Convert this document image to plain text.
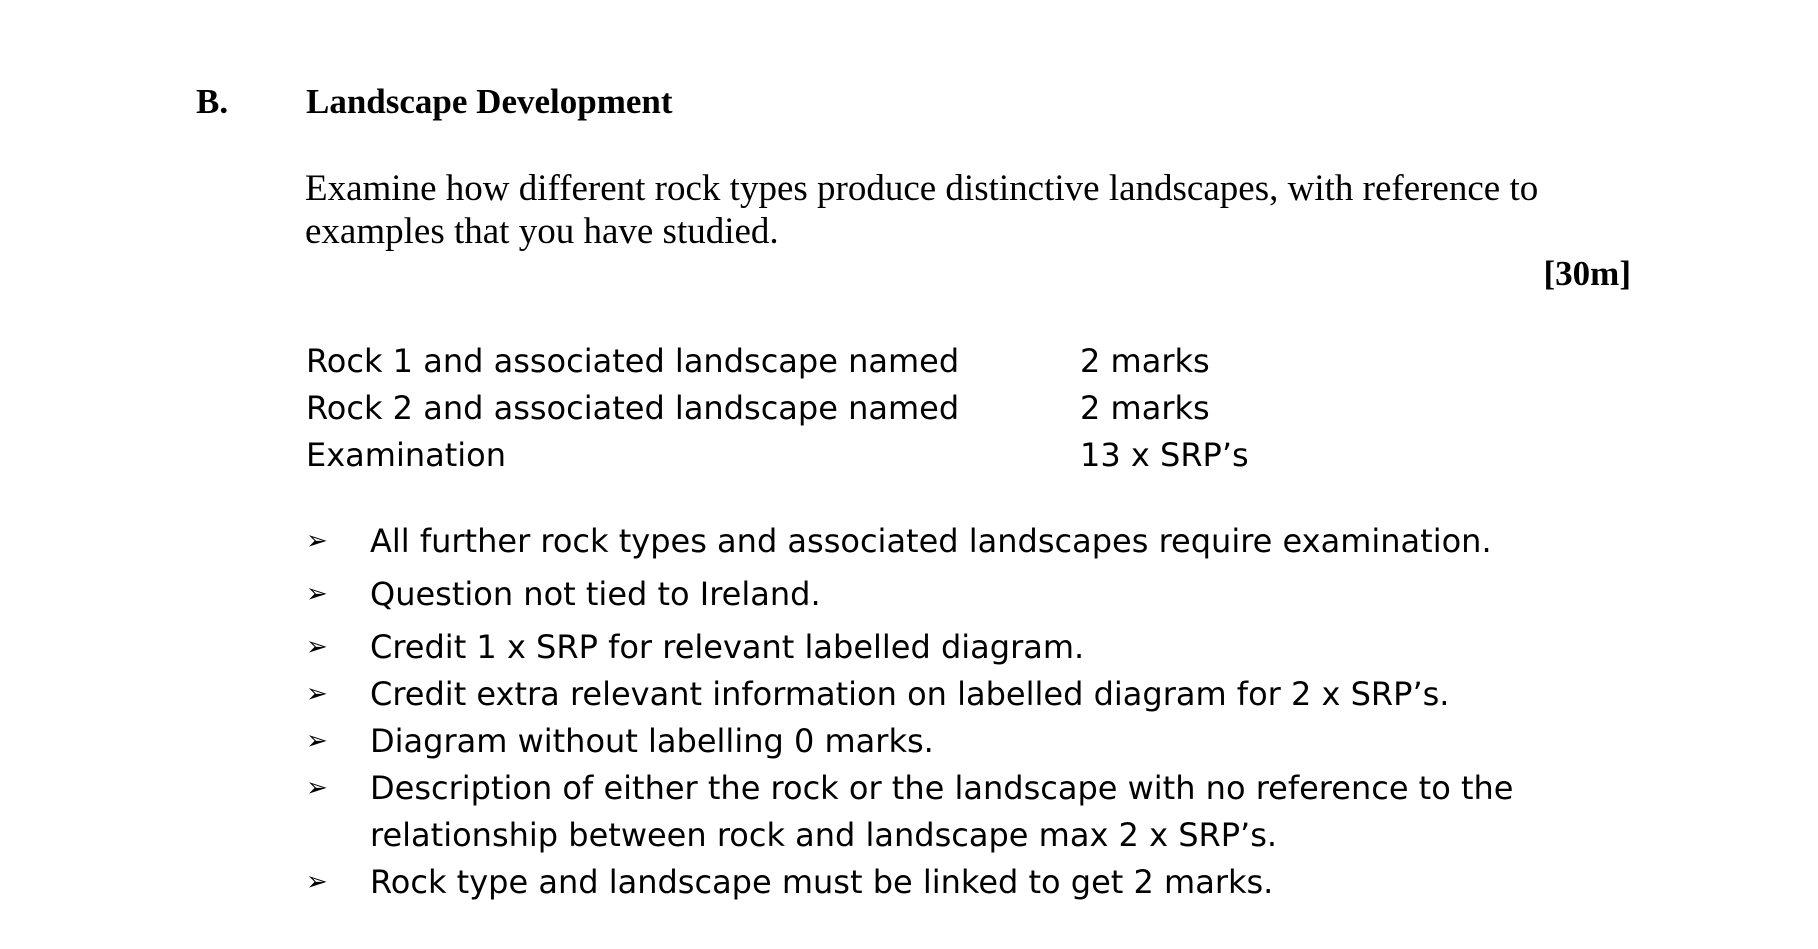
B. Landscape Development
Examine how different rock types produce distinctive landscapes, with reference to examples that you have studied.
[30m]
Rock 1 and associated landscape named	2 marks
Rock 2 and associated landscape named	2 marks
Examination	13 x SRP’s
➢ All further rock types and associated landscapes require examination.
➢ Question not tied to Ireland.
➢ Credit 1 x SRP for relevant labelled diagram.
➢ Credit extra relevant information on labelled diagram for 2 x SRP’s.
➢ Diagram without labelling 0 marks.
➢ Description of either the rock or the landscape with no reference to the relationship between rock and landscape max 2 x SRP’s.
➢ Rock type and landscape must be linked to get 2 marks.
